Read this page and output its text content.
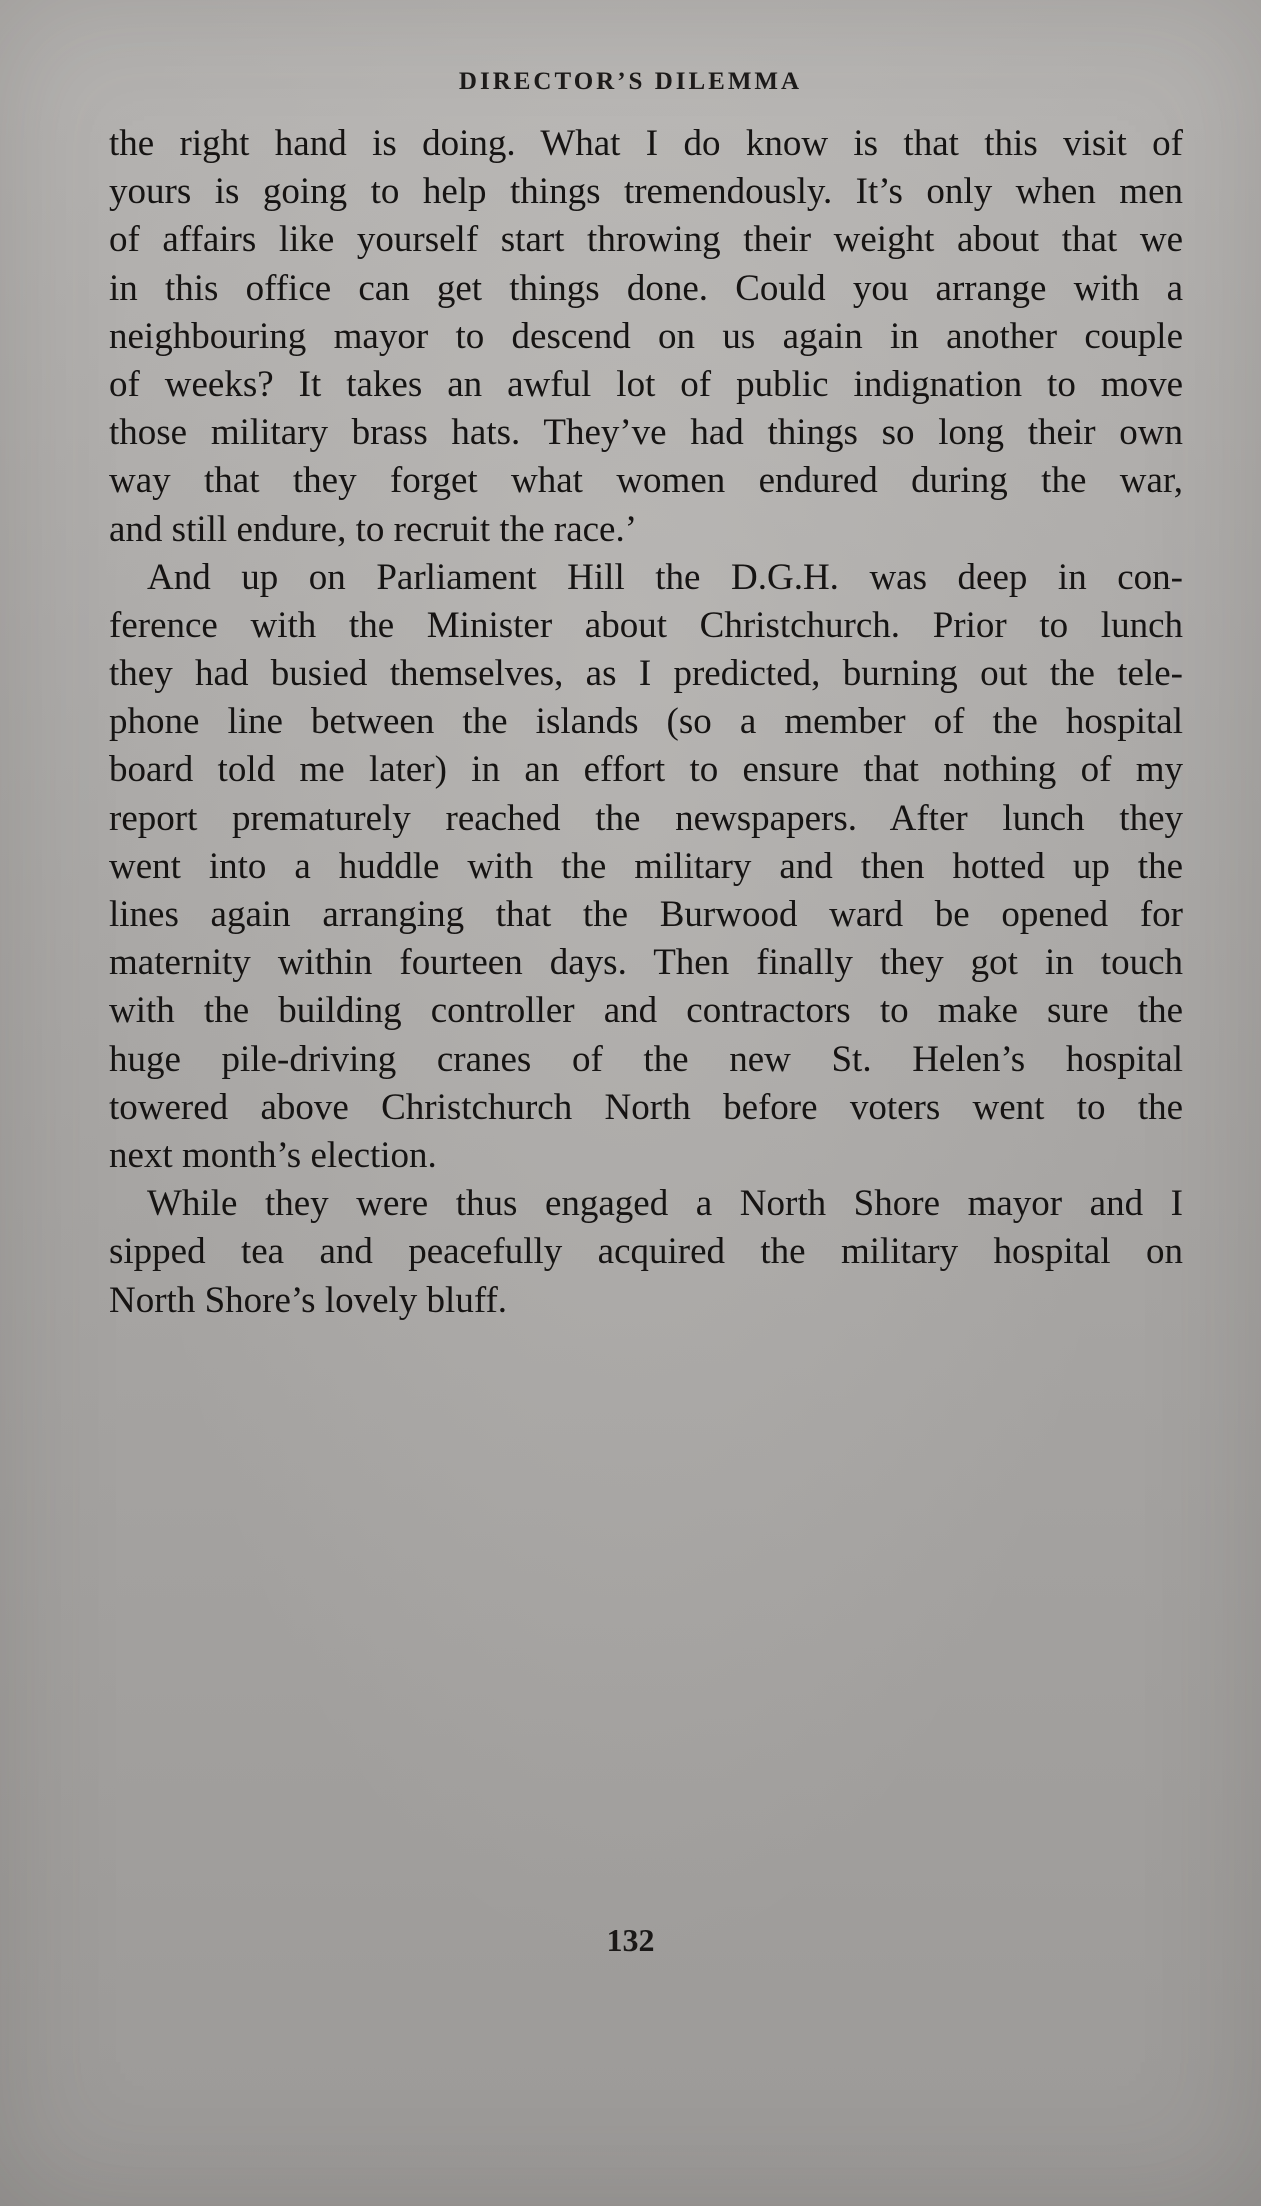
DIRECTOR’S DILEMMA
the right hand is doing. What I do know is that this visit of
yours is going to help things tremendously. It’s only when men
of affairs like yourself start throwing their weight about that we
in this office can get things done. Could you arrange with a
neighbouring mayor to descend on us again in another couple
of weeks? It takes an awful lot of public indignation to move
those military brass hats. They’ve had things so long their own
way that they forget what women endured during the war,
and still endure, to recruit the race.’
And up on Parliament Hill the D.G.H. was deep in con-
ference with the Minister about Christchurch. Prior to lunch
they had busied themselves, as I predicted, burning out the tele-
phone line between the islands (so a member of the hospital
board told me later) in an effort to ensure that nothing of my
report prematurely reached the newspapers. After lunch they
went into a huddle with the military and then hotted up the
lines again arranging that the Burwood ward be opened for
maternity within fourteen days. Then finally they got in touch
with the building controller and contractors to make sure the
huge pile-driving cranes of the new St. Helen’s hospital
towered above Christchurch North before voters went to the
next month’s election.
While they were thus engaged a North Shore mayor and I
sipped tea and peacefully acquired the military hospital on
North Shore’s lovely bluff.
132
